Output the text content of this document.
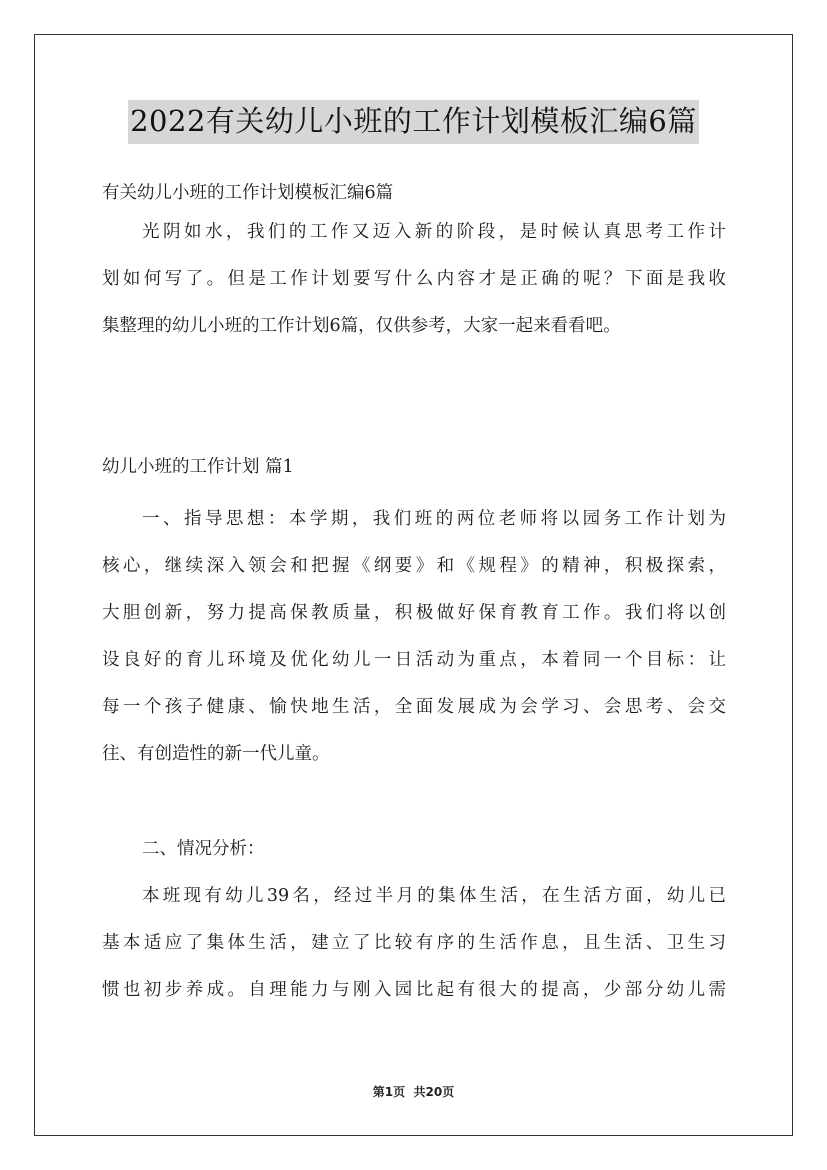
2022有关幼儿小班的工作计划模板汇编6篇
有关幼儿小班的工作计划模板汇编6篇
光阴如水，我们的工作又迈入新的阶段，是时候认真思考工作计
划如何写了。但是工作计划要写什么内容才是正确的呢？下面是我收
集整理的幼儿小班的工作计划6篇，仅供参考，大家一起来看看吧。
幼儿小班的工作计划 篇1
一、指导思想：本学期，我们班的两位老师将以园务工作计划为
核心，继续深入领会和把握《纲要》和《规程》的精神，积极探索，
大胆创新，努力提高保教质量，积极做好保育教育工作。我们将以创
设良好的育儿环境及优化幼儿一日活动为重点，本着同一个目标：让
每一个孩子健康、愉快地生活，全面发展成为会学习、会思考、会交
往、有创造性的新一代儿童。
二、情况分析：
本班现有幼儿39名，经过半月的集体生活，在生活方面，幼儿已
基本适应了集体生活，建立了比较有序的生活作息，且生活、卫生习
惯也初步养成。自理能力与刚入园比起有很大的提高，少部分幼儿需
第1页  共20页
